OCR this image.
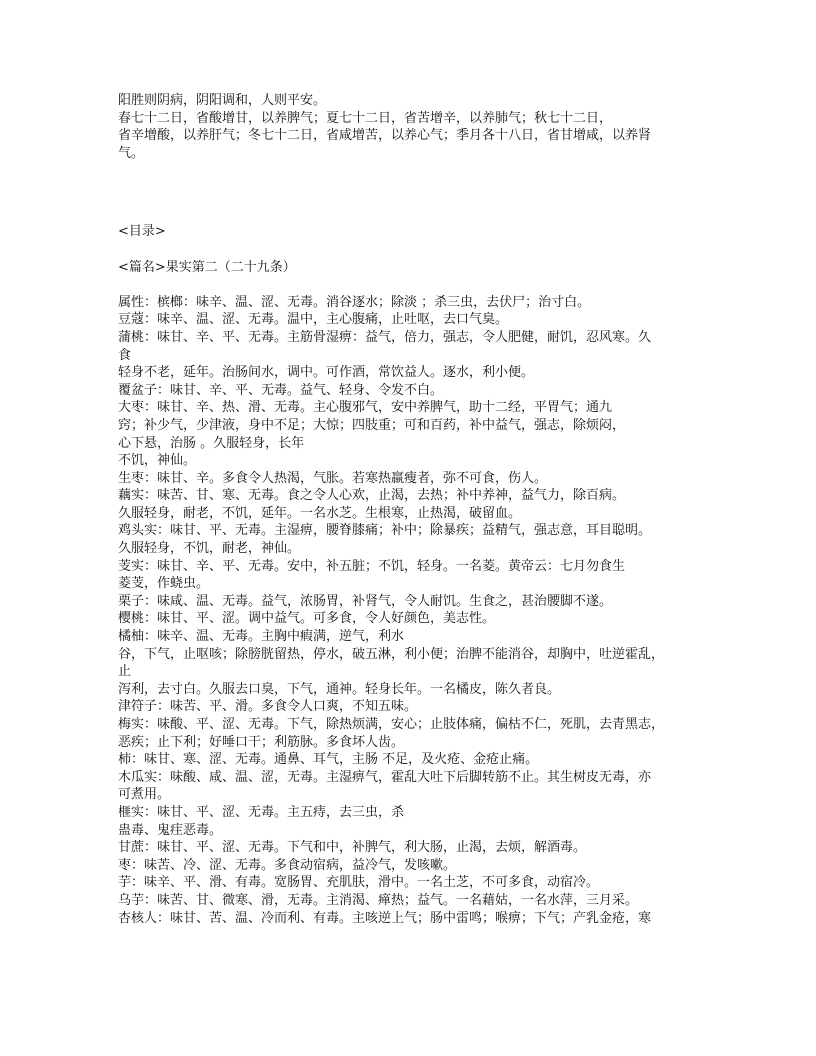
阳胜则阴病，阴阳调和，人则平安。
春七十二日，省酸增甘，以养脾气；夏七十二日，省苦增辛，以养肺气；秋七十二日，
省辛增酸，以养肝气；冬七十二日，省咸增苦，以养心气；季月各十八日，省甘增咸，以养肾
气。
<目录>
<篇名>果实第二（二十九条）
属性：槟榔：味辛、温、涩、无毒。消谷逐水；除淡 ；杀三虫，去伏尸；治寸白。
豆蔻：味辛、温、涩、无毒。温中，主心腹痛，止吐呕，去口气臭。
蒲桃：味甘、辛、平、无毒。主筋骨湿痹：益气，倍力，强志，令人肥健，耐饥，忍风寒。久
食
轻身不老，延年。治肠间水，调中。可作酒，常饮益人。逐水，利小便。
覆盆子：味甘、辛、平、无毒。益气、轻身、令发不白。
大枣：味甘、辛、热、滑、无毒。主心腹邪气，安中养脾气，助十二经，平胃气；通九
窍；补少气，少津液，身中不足；大惊；四肢重；可和百药，补中益气，强志，除烦闷，
心下悬，治肠 。久服轻身，长年
不饥，神仙。
生枣：味甘、辛。多食令人热渴，气胀。若寒热羸瘦者，弥不可食，伤人。
藕实：味苦、甘、寒、无毒。食之令人心欢，止渴，去热；补中养神，益气力，除百病。
久服轻身，耐老，不饥，延年。一名水芝。生根寒，止热渴，破留血。
鸡头实：味甘、平、无毒。主湿痹，腰脊膝痛；补中；除暴疾；益精气，强志意，耳目聪明。
久服轻身，不饥，耐老，神仙。
芰实：味甘、辛、平、无毒。安中，补五脏；不饥，轻身。一名菱。黄帝云：七月勿食生
菱芰，作蛲虫。
栗子：味咸、温、无毒。益气，浓肠胃，补肾气，令人耐饥。生食之，甚治腰脚不遂。
樱桃：味甘、平、涩。调中益气。可多食，令人好颜色，美志性。
橘柚：味辛、温、无毒。主胸中瘕满，逆气，利水
谷，下气，止呕咳；除膀胱留热，停水，破五淋，利小便；治脾不能消谷，却胸中，吐逆霍乱，
止
泻利，去寸白。久服去口臭，下气，通神。轻身长年。一名橘皮，陈久者良。
津符子：味苦、平、滑。多食令人口爽，不知五味。
梅实：味酸、平、涩、无毒。下气，除热烦满，安心；止肢体痛，偏枯不仁，死肌，去青黑志，
恶疾；止下利；好唾口干；利筋脉。多食坏人齿。
柿：味甘、寒、涩、无毒。通鼻、耳气，主肠 不足，及火疮、金疮止痛。
木瓜实：味酸、咸、温、涩，无毒。主湿痹气，霍乱大吐下后脚转筋不止。其生树皮无毒，亦
可煮用。
榧实：味甘、平、涩、无毒。主五痔，去三虫，杀
蛊毒、鬼疰恶毒。
甘蔗：味甘、平、涩、无毒。下气和中，补脾气，利大肠，止渴，去烦，解酒毒。
枣：味苦、冷、涩、无毒。多食动宿病，益冷气，发咳嗽。
芋：味辛、平、滑、有毒。宽肠胃、充肌肤，滑中。一名土芝，不可多食，动宿冷。
乌芋：味苦、甘、微寒、滑，无毒。主消渴、瘅热；益气。一名藉姑，一名水萍，三月采。
杏核人：味甘、苦、温、冷而利、有毒。主咳逆上气；肠中雷鸣；喉痹；下气；产乳金疮，寒
